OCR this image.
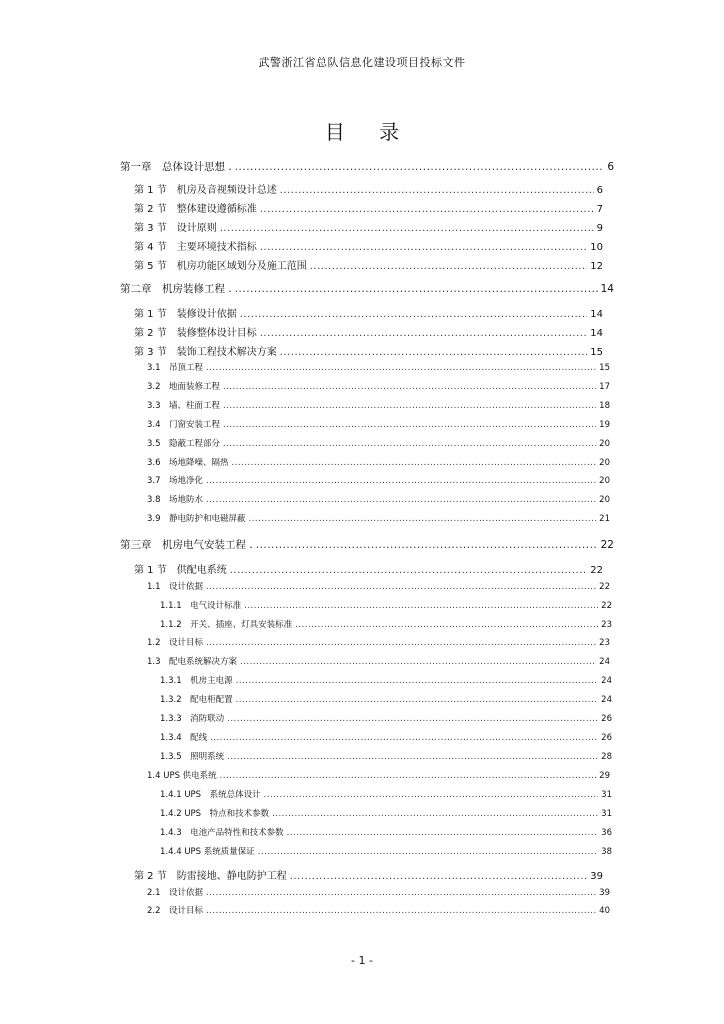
武警浙江省总队信息化建设项目投标文件
目 录
第一章　总体设计思想 . .....	6
第 1 节　机房及音视频设计总述 .....	6
第 2 节　整体建设遵循标准 .....	7
第 3 节　设计原则 .....	9
第 4 节　主要环境技术指标 .....	10
第 5 节　机房功能区域划分及施工范围 .....	12
第二章　机房装修工程 . .....	14
第 1 节　装修设计依据 .....	14
第 2 节　装修整体设计目标 .....	14
第 3 节　装饰工程技术解决方案 .....	15
3.1　吊顶工程 .....	15
3.2　地面装修工程 .....	17
3.3　墙、柱面工程 .....	18
3.4　门窗安装工程 .....	19
3.5　隐蔽工程部分 .....	20
3.6　场地降噪、隔热 .....	20
3.7　场地净化 .....	20
3.8　场地防水 .....	20
3.9　静电防护和电磁屏蔽 .....	21
第三章　机房电气安装工程 . .....	22
第 1 节　供配电系统 .....	22
1.1　设计依据 .....	22
1.1.1　电气设计标准 .....	22
1.1.2　开关、插座、灯具安装标准 .....	23
1.2　设计目标 .....	23
1.3　配电系统解决方案 .....	24
1.3.1　机房主电源 .....	24
1.3.2　配电柜配置 .....	24
1.3.3　消防联动 .....	26
1.3.4　配线 .....	26
1.3.5　照明系统 .....	28
1.4 UPS 供电系统 .....	29
1.4.1 UPS　系统总体设计 .....	31
1.4.2 UPS　特点和技术参数 .....	31
1.4.3　电池产品特性和技术参数 .....	36
1.4.4 UPS 系统质量保证 .....	38
第 2 节　防雷接地、静电防护工程 .....	39
2.1　设计依据 .....	39
2.2　设计目标 .....	40
- 1 -
